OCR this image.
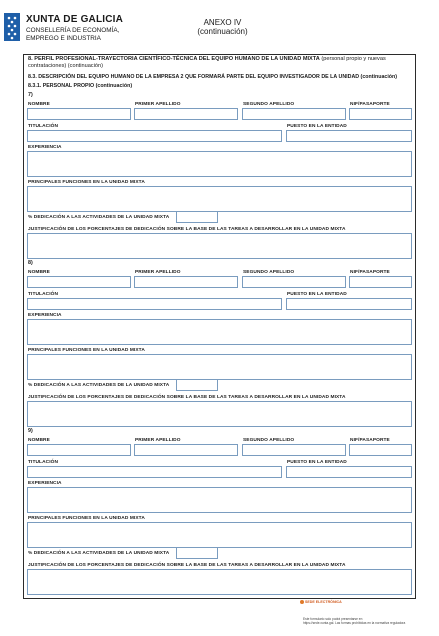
XUNTA DE GALICIA
CONSELLERÍA DE ECONOMÍA,
EMPREGO E INDUSTRIA
ANEXO IV
(continuación)
8. PERFIL PROFESIONAL-TRAYECTORIA CIENTÍFICO-TÉCNICA DEL EQUIPO HUMANO DE LA UNIDAD MIXTA (personal propio y nuevas contrataciones) (continuación)
8.3. DESCRIPCIÓN DEL EQUIPO HUMANO DE LA EMPRESA 2 QUE FORMARÁ PARTE DEL EQUIPO INVESTIGADOR DE LA UNIDAD (continuación)
8.3.1. PERSONAL PROPIO (continuación)
7)
NOMBRE	PRIMER APELLIDO	SEGUNDO APELLIDO	NIF/PASAPORTE
TITULACIÓN	PUESTO EN LA ENTIDAD
EXPERIENCIA
PRINCIPALES FUNCIONES EN LA UNIDAD MIXTA
% DEDICACIÓN A LAS ACTIVIDADES DE LA UNIDAD MIXTA
JUSTIFICACIÓN DE LOS PORCENTAJES DE DEDICACIÓN SOBRE LA BASE DE LAS TAREAS A DESARROLLAR EN LA UNIDAD MIXTA
8)
NOMBRE	PRIMER APELLIDO	SEGUNDO APELLIDO	NIF/PASAPORTE
TITULACIÓN	PUESTO EN LA ENTIDAD
EXPERIENCIA
PRINCIPALES FUNCIONES EN LA UNIDAD MIXTA
% DEDICACIÓN A LAS ACTIVIDADES DE LA UNIDAD MIXTA
JUSTIFICACIÓN DE LOS PORCENTAJES DE DEDICACIÓN SOBRE LA BASE DE LAS TAREAS A DESARROLLAR EN LA UNIDAD MIXTA
9)
NOMBRE	PRIMER APELLIDO	SEGUNDO APELLIDO	NIF/PASAPORTE
TITULACIÓN	PUESTO EN LA ENTIDAD
EXPERIENCIA
PRINCIPALES FUNCIONES EN LA UNIDAD MIXTA
% DEDICACIÓN A LAS ACTIVIDADES DE LA UNIDAD MIXTA
JUSTIFICACIÓN DE LOS PORCENTAJES DE DEDICACIÓN SOBRE LA BASE DE LAS TAREAS A DESARROLLAR EN LA UNIDAD MIXTA
SEDE ELECTRÓNICA
Este formulario solo podrá presentarse en
https://sede.xunta.gal. Las formas prohibidas en la normativa reguladora
